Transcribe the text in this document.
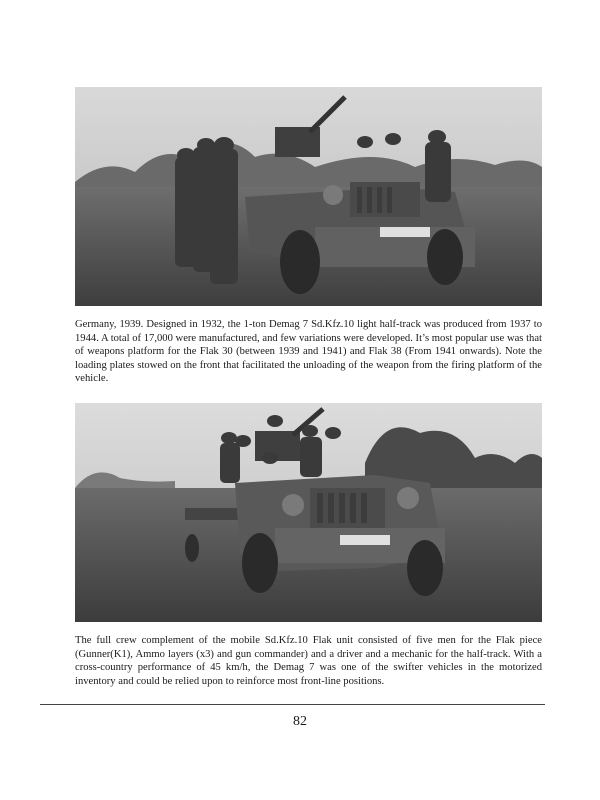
Germany, 1939. Designed in 1932, the 1-ton Demag 7 Sd.Kfz.10 light half-track was produced from 1937 to 1944. A total of 17,000 were manufactured, and few variations were developed. It’s most popular use was that of weapons platform for the Flak 30 (between 1939 and 1941) and Flak 38 (From 1941 onwards). Note the loading plates stowed on the front that facilitated the unloading of the weapon from the firing platform of the vehicle.

The full crew complement of the mobile Sd.Kfz.10 Flak unit consisted of five men for the Flak piece (Gunner(K1), Ammo layers (x3) and gun commander) and a driver and a mechanic for the half-track. With a cross-country performance of 45 km/h, the Demag 7 was one of the swifter vehicles in the motorized inventory and could be relied upon to reinforce most front-line positions.

82
